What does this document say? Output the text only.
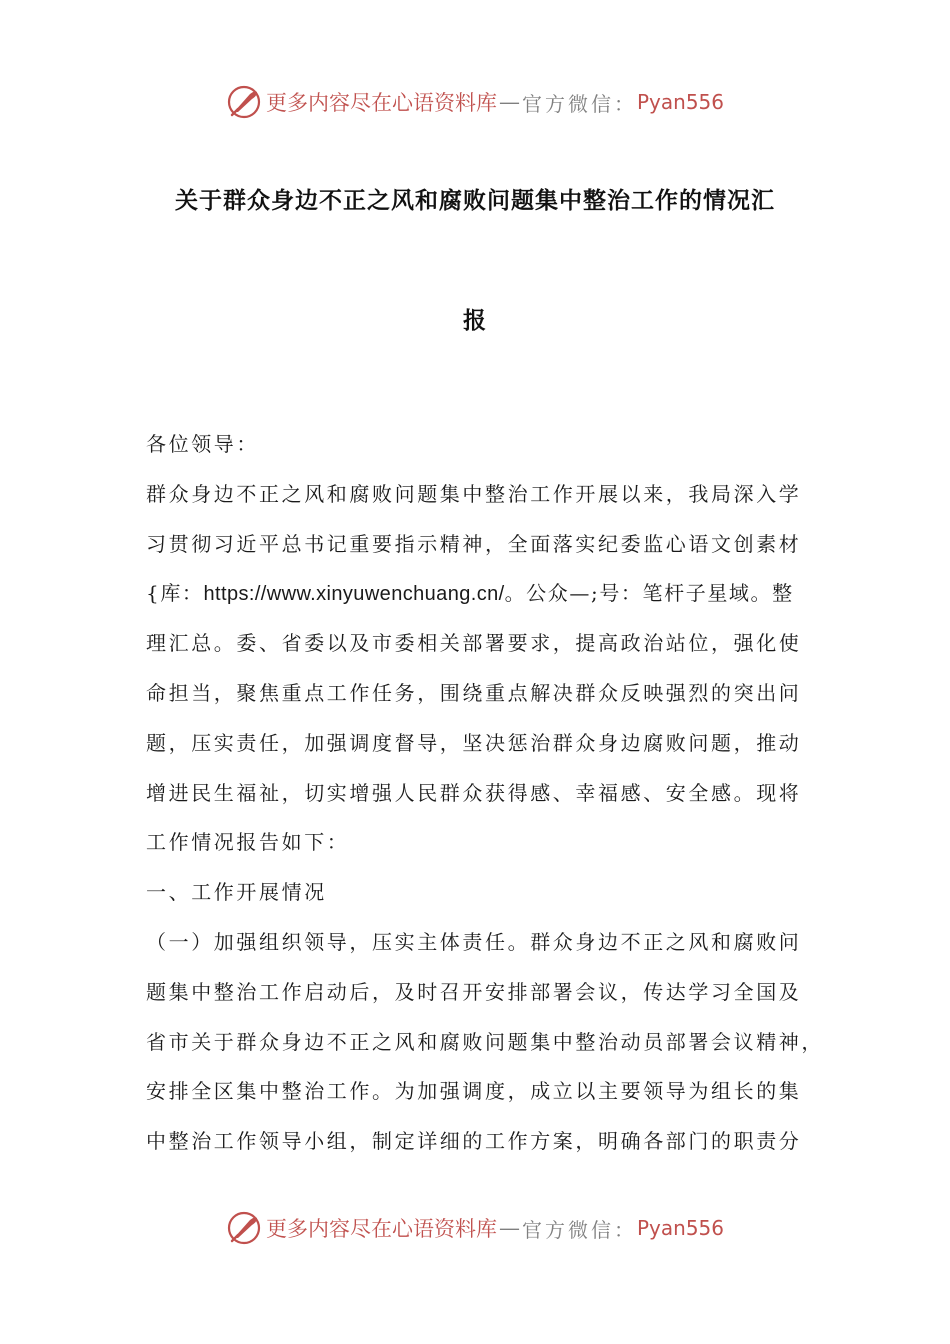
更多内容尽在心语资料库 — 官方微信： Pyan556
关于群众身边不正之风和腐败问题集中整治工作的情况汇
报
各位领导：
群众身边不正之风和腐败问题集中整治工作开展以来，我局深入学
习贯彻习近平总书记重要指示精神，全面落实纪委监心语文创素材
{库：https://www.xinyuwenchuang.cn/。公众—;号：笔杆子星域。整
理汇总。委、省委以及市委相关部署要求，提高政治站位，强化使
命担当，聚焦重点工作任务，围绕重点解决群众反映强烈的突出问
题，压实责任，加强调度督导，坚决惩治群众身边腐败问题，推动
增进民生福祉，切实增强人民群众获得感、幸福感、安全感。现将
工作情况报告如下：
一、工作开展情况
（一）加强组织领导，压实主体责任。群众身边不正之风和腐败问
题集中整治工作启动后，及时召开安排部署会议，传达学习全国及
省市关于群众身边不正之风和腐败问题集中整治动员部署会议精神，
安排全区集中整治工作。为加强调度，成立以主要领导为组长的集
中整治工作领导小组，制定详细的工作方案，明确各部门的职责分
更多内容尽在心语资料库 — 官方微信： Pyan556
